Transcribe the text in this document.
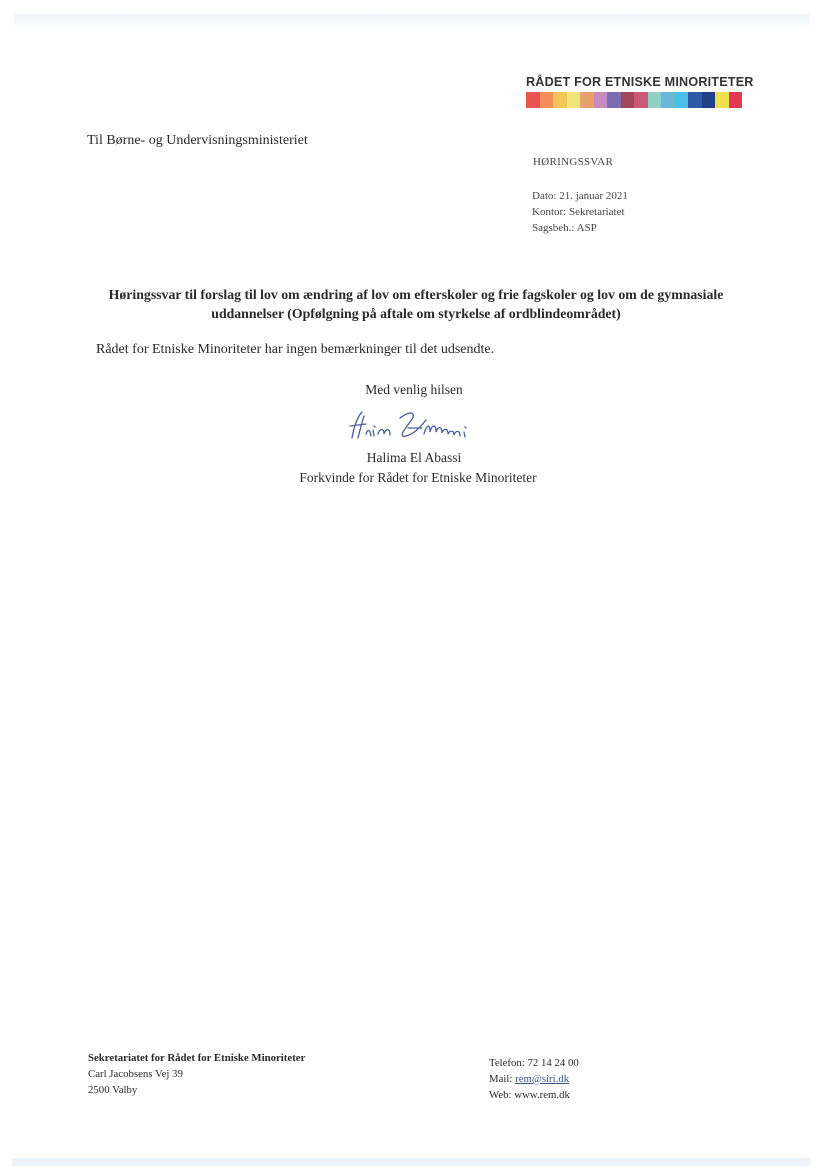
RÅDET FOR ETNISKE MINORITETER
Til Børne- og Undervisningsministeriet
HØRINGSSVAR
Dato: 21. januar 2021
Kontor: Sekretariatet
Sagsbeh.: ASP
Høringssvar til forslag til lov om ændring af lov om efterskoler og frie fagskoler og lov om de gymnasiale
uddannelser (Opfølgning på aftale om styrkelse af ordblindeområdet)
Rådet for Etniske Minoriteter har ingen bemærkninger til det udsendte.
Med venlig hilsen
Halima El Abassi
Forkvinde for Rådet for Etniske Minoriteter
Sekretariatet for Rådet for Etniske Minoriteter
Carl Jacobsens Vej 39
2500 Valby
Telefon: 72 14 24 00
Mail: rem@siri.dk
Web: www.rem.dk
